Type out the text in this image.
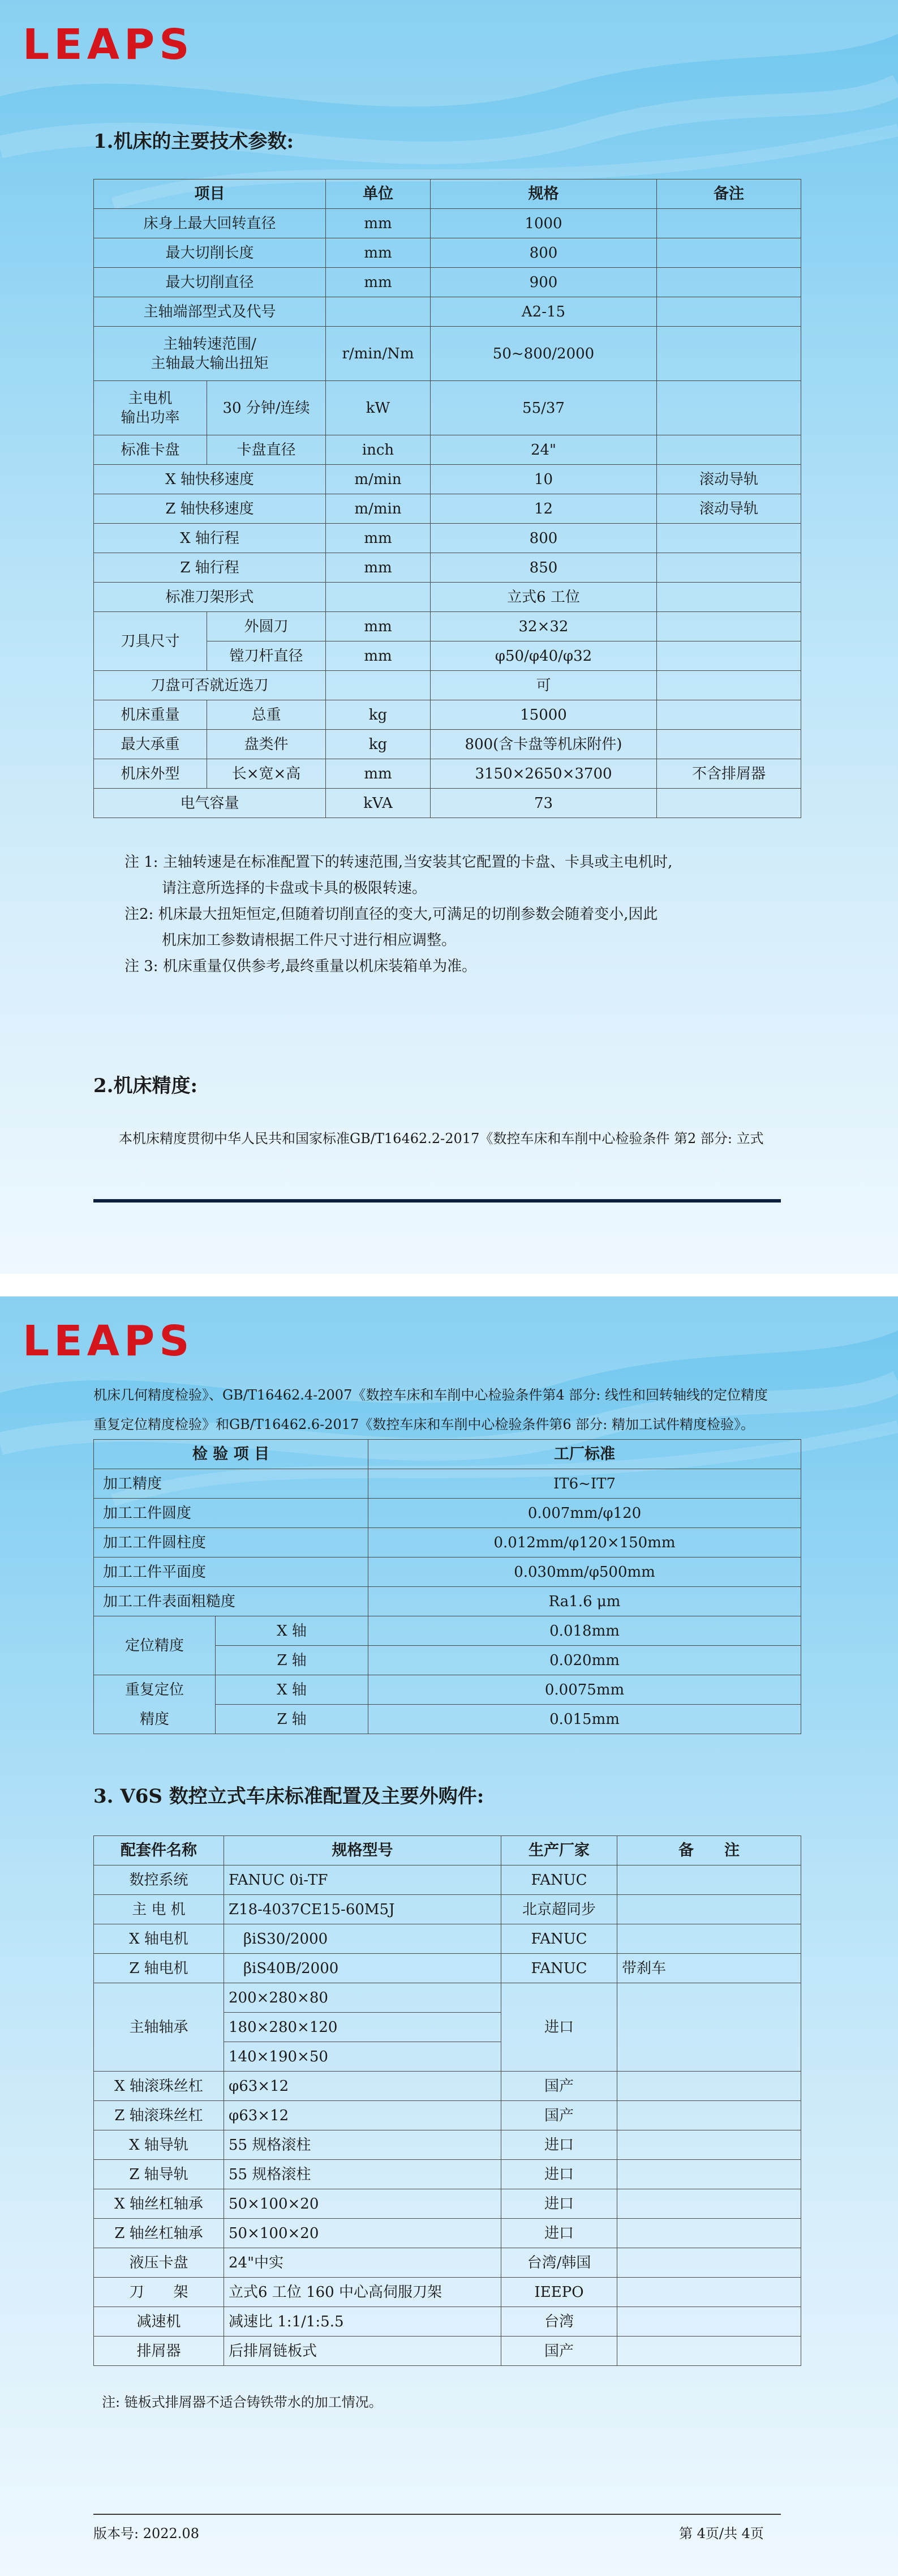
LEAPS
1.机床的主要技术参数:
项目		单位	规格	备注
床身上最大回转直径		mm	1000	
最大切削长度		mm	800	
最大切削直径		mm	900	
主轴端部型式及代号			A2-15	

主轴转速范围/
主轴最大输出扭矩		r/min/Nm	50~800/2000	

主电机
输出功率	30 分钟/连续	kW	55/37	
标准卡盘	卡盘直径	inch	24"	
X 轴快移速度		m/min	10	滚动导轨
Z 轴快移速度		m/min	12	滚动导轨
X 轴行程		mm	800	
Z 轴行程		mm	850	
标准刀架形式			立式6 工位	
刀具尺寸	外圆刀	mm	32×32	
	镗刀杆直径	mm	φ50/φ40/φ32	
刀盘可否就近选刀			可	
机床重量	总重	kg	15000	
最大承重	盘类件	kg	800(含卡盘等机床附件)	
机床外型	长×宽×高	mm	3150×2650×3700	不含排屑器
电气容量		kVA	73	

注 1: 主轴转速是在标准配置下的转速范围,当安装其它配置的卡盘、卡具或主电机时,

请注意所选择的卡盘或卡具的极限转速。

注2: 机床最大扭矩恒定,但随着切削直径的变大,可满足的切削参数会随着变小,因此

机床加工参数请根据工件尺寸进行相应调整。

注 3: 机床重量仅供参考,最终重量以机床装箱单为准。

2.机床精度:
本机床精度贯彻中华人民共和国家标准GB/T16462.2-2017《数控车床和车削中心检验条件 第2 部分: 立式
LEAPS
机床几何精度检验》、GB/T16462.4-2007《数控车床和车削中心检验条件第4 部分: 线性和回转轴线的定位精度
重复定位精度检验》和GB/T16462.6-2017《数控车床和车削中心检验条件第6 部分: 精加工试件精度检验》。
检 验 项 目		工厂标准
加工精度		IT6~IT7
加工工件圆度		0.007mm/φ120
加工工件圆柱度		0.012mm/φ120×150mm
加工工件平面度		0.030mm/φ500mm
加工工件表面粗糙度		Ra1.6 μm
定位精度	X 轴	0.018mm
	Z 轴	0.020mm

重复定位
精度	X 轴	0.0075mm
	Z 轴	0.015mm
3. V6S 数控立式车床标准配置及主要外购件:
配套件名称	规格型号	生产厂家	备　　注
数控系统	FANUC 0i-TF	FANUC	
主 电 机	Z18-4037CE15-60M5J	北京超同步	
X 轴电机	βiS30/2000	FANUC	
Z 轴电机	βiS40B/2000	FANUC	带刹车
主轴轴承	200×280×80	进口	
	180×280×120		
	140×190×50		
X 轴滚珠丝杠	φ63×12	国产	
Z 轴滚珠丝杠	φ63×12	国产	
X 轴导轨	55 规格滚柱	进口	
Z 轴导轨	55 规格滚柱	进口	
X 轴丝杠轴承	50×100×20	进口	
Z 轴丝杠轴承	50×100×20	进口	
液压卡盘	24"中实	台湾/韩国	
刀　　架	立式6 工位 160 中心高伺服刀架	IEEPO	
减速机	减速比 1:1/1:5.5	台湾	
排屑器	后排屑链板式	国产	
注: 链板式排屑器不适合铸铁带水的加工情况。
版本号: 2022.08	第 4页/共 4页
